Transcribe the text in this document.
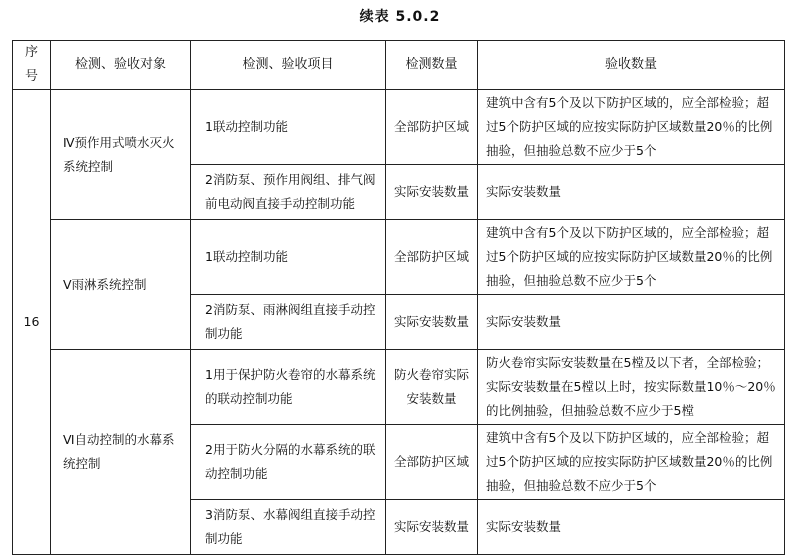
续表 5.0.2
序号	检测、验收对象	检测、验收项目	检测数量	验收数量
16	Ⅳ预作用式喷水灭火系统控制	1联动控制功能	全部防护区域	建筑中含有5个及以下防护区域的，应全部检验；超过5个防护区域的应按实际防护区域数量20％的比例抽验，但抽验总数不应少于5个
		2消防泵、预作用阀组、排气阀前电动阀直接手动控制功能	实际安装数量	实际安装数量
	Ⅴ雨淋系统控制	1联动控制功能	全部防护区域	建筑中含有5个及以下防护区域的，应全部检验；超过5个防护区域的应按实际防护区域数量20％的比例抽验，但抽验总数不应少于5个
		2消防泵、雨淋阀组直接手动控制功能	实际安装数量	实际安装数量
	Ⅵ自动控制的水幕系统控制	1用于保护防火卷帘的水幕系统的联动控制功能	防火卷帘实际安装数量	防火卷帘实际安装数量在5樘及以下者，全部检验；实际安装数量在5樘以上时，按实际数量10％～20％的比例抽验，但抽验总数不应少于5樘
		2用于防火分隔的水幕系统的联动控制功能	全部防护区域	建筑中含有5个及以下防护区域的，应全部检验；超过5个防护区域的应按实际防护区域数量20％的比例抽验，但抽验总数不应少于5个
		3消防泵、水幕阀组直接手动控制功能	实际安装数量	实际安装数量
